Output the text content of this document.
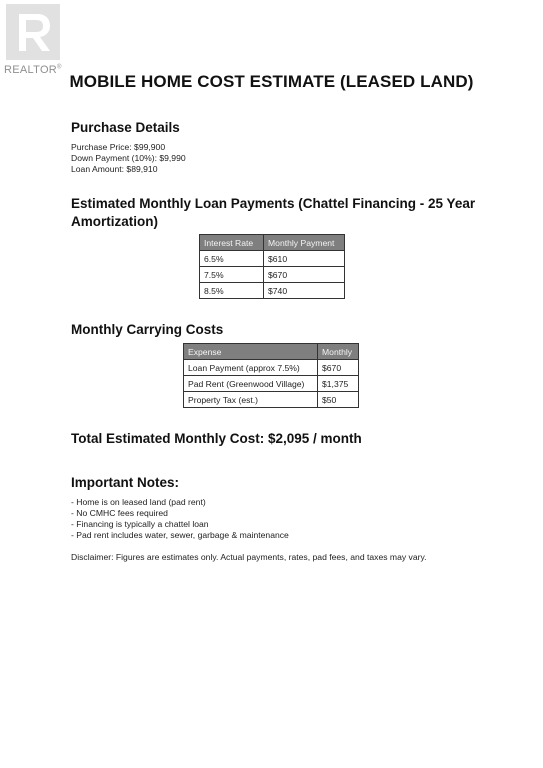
REALTOR®
MOBILE HOME COST ESTIMATE (LEASED LAND)
Purchase Details
Purchase Price: $99,900
Down Payment (10%): $9,990
Loan Amount: $89,910
Estimated Monthly Loan Payments (Chattel Financing - 25 Year
Amortization)
Interest Rate	Monthly Payment
6.5%	$610
7.5%	$670
8.5%	$740
Monthly Carrying Costs
Expense	Monthly
Loan Payment (approx 7.5%)	$670
Pad Rent (Greenwood Village)	$1,375
Property Tax (est.)	$50
Total Estimated Monthly Cost: $2,095 / month
Important Notes:
- Home is on leased land (pad rent)
- No CMHC fees required
- Financing is typically a chattel loan
- Pad rent includes water, sewer, garbage & maintenance
Disclaimer: Figures are estimates only. Actual payments, rates, pad fees, and taxes may vary.
